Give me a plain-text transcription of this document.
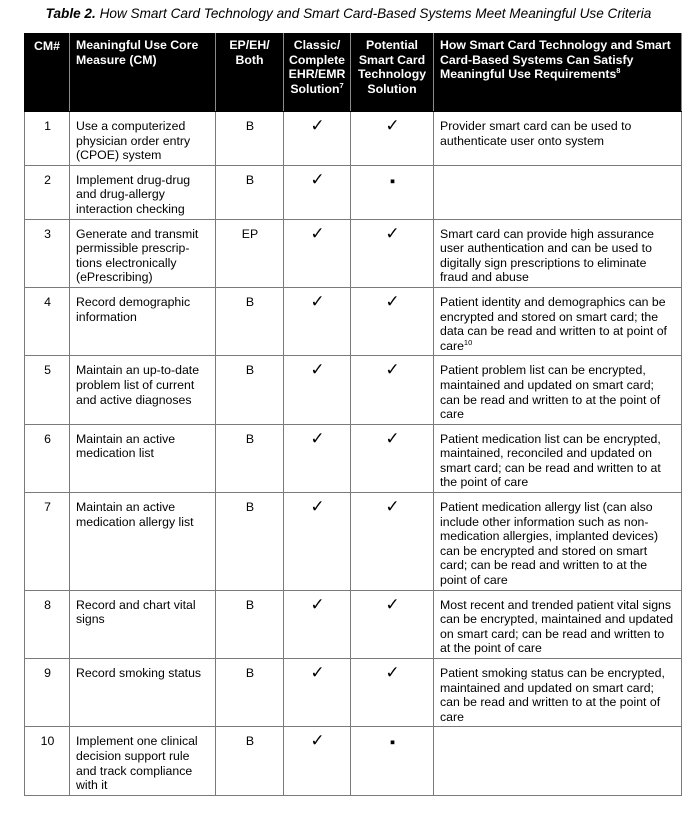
Table 2. How Smart Card Technology and Smart Card-Based Systems Meet Meaningful Use Criteria
CM#	Meaningful Use Core Measure (CM)	EP/EH/ Both	Classic/ Complete EHR/EMR Solution$^7$	Potential Smart Card Technology Solution	How Smart Card Technology and Smart Card-Based Systems Can Satisfy Meaningful Use Requirements$^8$
1	Use a computerized physician order entry (CPOE) system	B	✓	✓	Provider smart card can be used to authenticate user onto system
2	Implement drug-drug and drug-allergy interaction checking	B	✓	▪	
3	Generate and transmit permissible prescrip-tions electronically (ePrescribing)	EP	✓	✓	Smart card can provide high assurance user authentication and can be used to digitally sign prescriptions to eliminate fraud and abuse
4	Record demographic information	B	✓	✓	Patient identity and demographics can be encrypted and stored on smart card; the data can be read and written to at point of care$^{10}$
5	Maintain an up-to-date problem list of current and active diagnoses	B	✓	✓	Patient problem list can be encrypted, maintained and updated on smart card; can be read and written to at the point of care
6	Maintain an active medication list	B	✓	✓	Patient medication list can be encrypted, maintained, reconciled and updated on smart card; can be read and written to at the point of care
7	Maintain an active medication allergy list	B	✓	✓	Patient medication allergy list (can also include other information such as non-medication allergies, implanted devices) can be encrypted and stored on smart card; can be read and written to at the point of care
8	Record and chart vital signs	B	✓	✓	Most recent and trended patient vital signs can be encrypted, maintained and updated on smart card; can be read and written to at the point of care
9	Record smoking status	B	✓	✓	Patient smoking status can be encrypted, maintained and updated on smart card; can be read and written to at the point of care
10	Implement one clinical decision support rule and track compliance with it	B	✓	▪	
